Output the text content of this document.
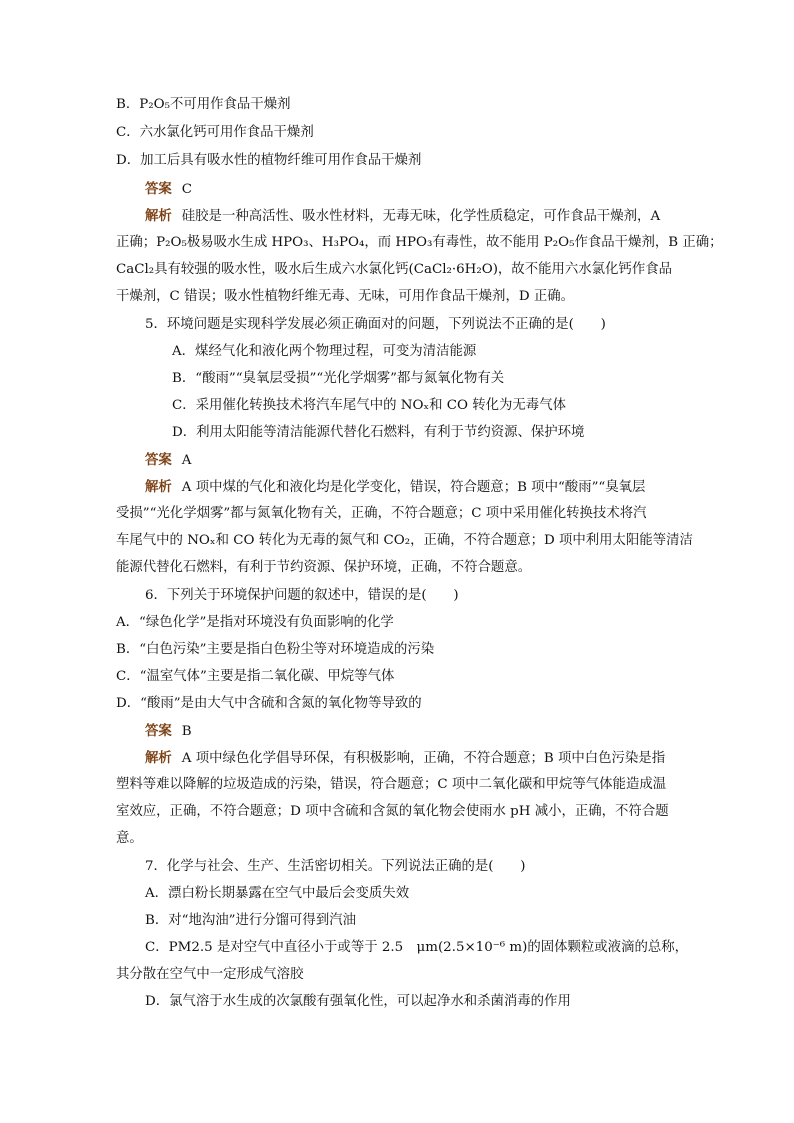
B．P₂O₅不可用作食品干燥剂
C．六水氯化钙可用作食品干燥剂
D．加工后具有吸水性的植物纤维可用作食品干燥剂
答案 C
解析 硅胶是一种高活性、吸水性材料，无毒无味，化学性质稳定，可作食品干燥剂，A
正确；P₂O₅极易吸水生成 HPO₃、H₃PO₄，而 HPO₃有毒性，故不能用 P₂O₅作食品干燥剂，B 正确；
CaCl₂具有较强的吸水性，吸水后生成六水氯化钙(CaCl₂·6H₂O)，故不能用六水氯化钙作食品
干燥剂，C 错误；吸水性植物纤维无毒、无味，可用作食品干燥剂，D 正确。
5．环境问题是实现科学发展必须正确面对的问题，下列说法不正确的是(　　)
A．煤经气化和液化两个物理过程，可变为清洁能源
B．“酸雨”“臭氧层受损”“光化学烟雾”都与氮氧化物有关
C．采用催化转换技术将汽车尾气中的 NOₓ和 CO 转化为无毒气体
D．利用太阳能等清洁能源代替化石燃料，有利于节约资源、保护环境
答案 A
解析 A 项中煤的气化和液化均是化学变化，错误，符合题意；B 项中“酸雨”“臭氧层
受损”“光化学烟雾”都与氮氧化物有关，正确，不符合题意；C 项中采用催化转换技术将汽
车尾气中的 NOₓ和 CO 转化为无毒的氮气和 CO₂，正确，不符合题意；D 项中利用太阳能等清洁
能源代替化石燃料，有利于节约资源、保护环境，正确，不符合题意。
6．下列关于环境保护问题的叙述中，错误的是(　　)
A．“绿色化学”是指对环境没有负面影响的化学
B．“白色污染”主要是指白色粉尘等对环境造成的污染
C．“温室气体”主要是指二氧化碳、甲烷等气体
D．“酸雨”是由大气中含硫和含氮的氧化物等导致的
答案 B
解析 A 项中绿色化学倡导环保，有积极影响，正确，不符合题意；B 项中白色污染是指
塑料等难以降解的垃圾造成的污染，错误，符合题意；C 项中二氧化碳和甲烷等气体能造成温
室效应，正确，不符合题意；D 项中含硫和含氮的氧化物会使雨水 pH 减小，正确，不符合题
意。
7．化学与社会、生产、生活密切相关。下列说法正确的是(　　)
A．漂白粉长期暴露在空气中最后会变质失效
B．对“地沟油”进行分馏可得到汽油
C．PM2.5 是对空气中直径小于或等于 2.5　μm(2.5×10⁻⁶ m)的固体颗粒或液滴的总称，
其分散在空气中一定形成气溶胶
D．氯气溶于水生成的次氯酸有强氧化性，可以起净水和杀菌消毒的作用
